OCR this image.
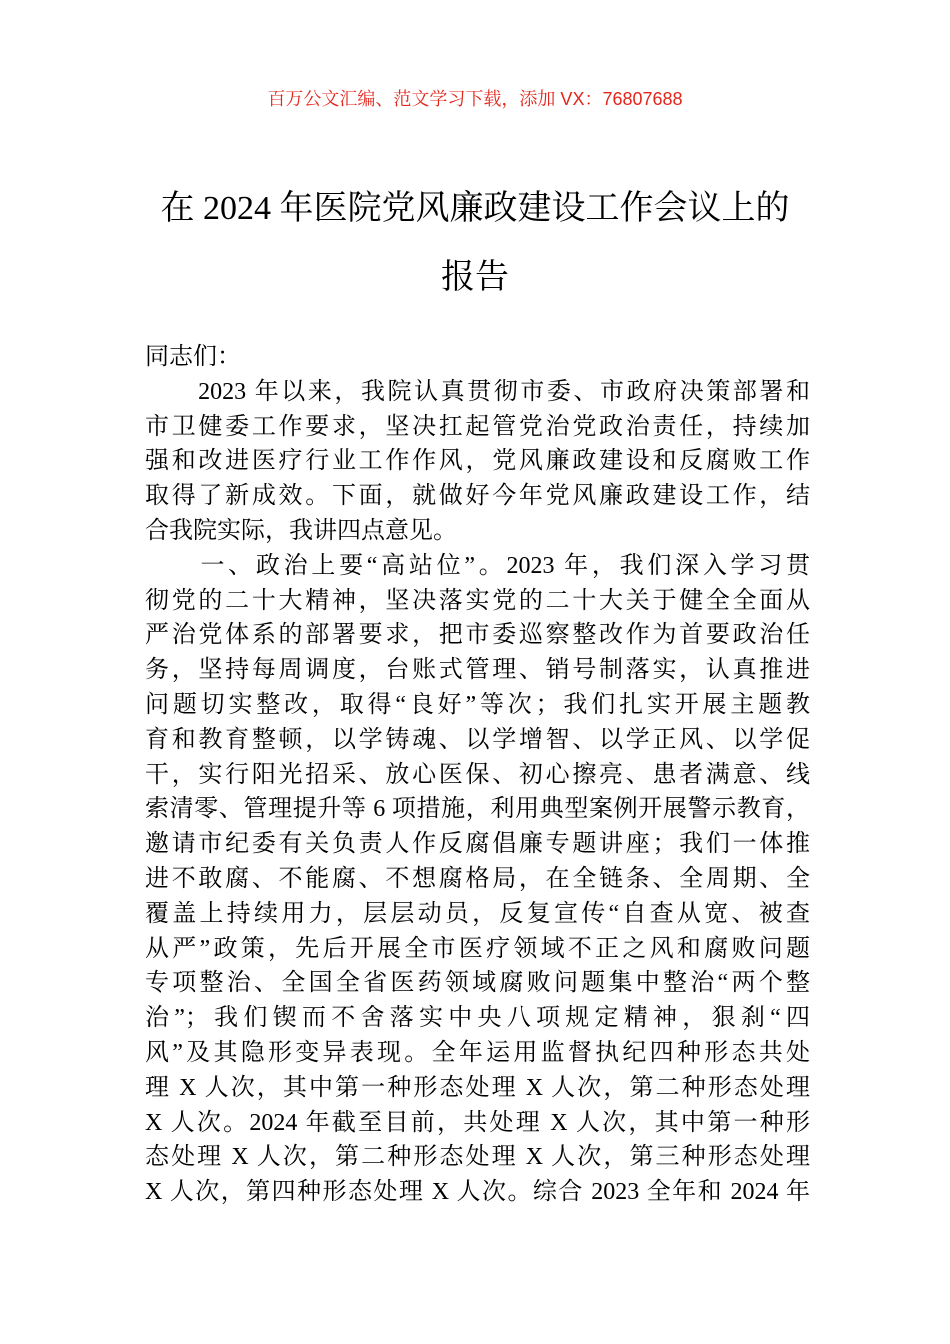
百万公文汇编、范文学习下载，添加 VX：76807688
在 2024 年医院党风廉政建设工作会议上的
报告
同志们：
　　2023 年以来，我院认真贯彻市委、市政府决策部署和
市卫健委工作要求，坚决扛起管党治党政治责任，持续加
强和改进医疗行业工作作风，党风廉政建设和反腐败工作
取得了新成效。下面，就做好今年党风廉政建设工作，结
合我院实际，我讲四点意见。
　　一、政治上要“高站位”。2023 年，我们深入学习贯
彻党的二十大精神，坚决落实党的二十大关于健全全面从
严治党体系的部署要求，把市委巡察整改作为首要政治任
务，坚持每周调度，台账式管理、销号制落实，认真推进
问题切实整改，取得“良好”等次；我们扎实开展主题教
育和教育整顿，以学铸魂、以学增智、以学正风、以学促
干，实行阳光招采、放心医保、初心擦亮、患者满意、线
索清零、管理提升等 6 项措施，利用典型案例开展警示教育，
邀请市纪委有关负责人作反腐倡廉专题讲座；我们一体推
进不敢腐、不能腐、不想腐格局，在全链条、全周期、全
覆盖上持续用力，层层动员，反复宣传“自查从宽、被查
从严”政策，先后开展全市医疗领域不正之风和腐败问题
专项整治、全国全省医药领域腐败问题集中整治“两个整
治”；我们锲而不舍落实中央八项规定精神，狠刹“四
风”及其隐形变异表现。全年运用监督执纪四种形态共处
理 X 人次，其中第一种形态处理 X 人次，第二种形态处理
X 人次。2024 年截至目前，共处理 X 人次，其中第一种形
态处理 X 人次，第二种形态处理 X 人次，第三种形态处理
X 人次，第四种形态处理 X 人次。综合 2023 全年和 2024 年
